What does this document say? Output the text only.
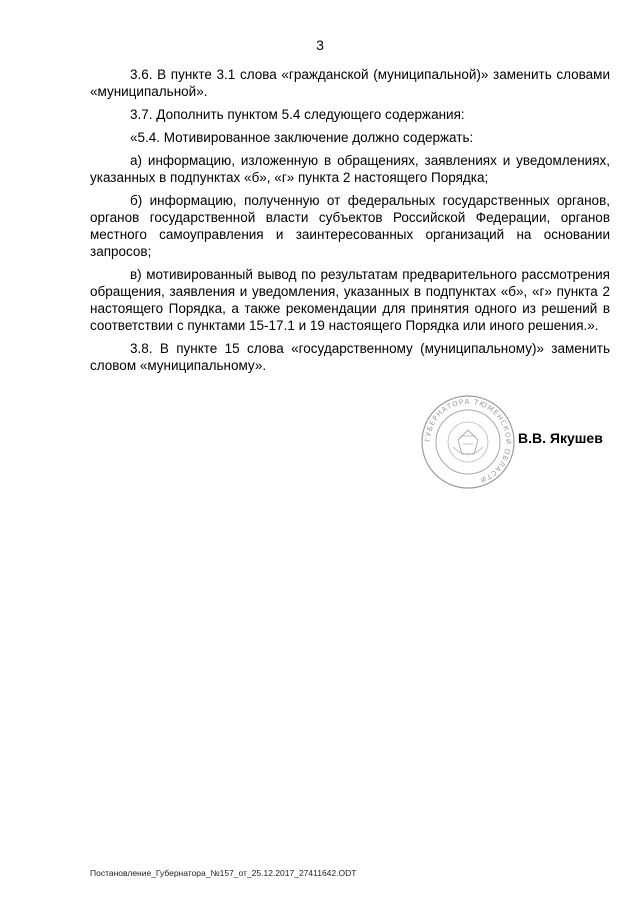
3

3.6. В пункте 3.1 слова «гражданской (муниципальной)» заменить словами «муниципальной».

3.7. Дополнить пунктом 5.4 следующего содержания:

«5.4. Мотивированное заключение должно содержать:

а) информацию, изложенную в обращениях, заявлениях и уведомлениях, указанных в подпунктах «б», «г» пункта 2 настоящего Порядка;

б) информацию, полученную от федеральных государственных органов, органов государственной власти субъектов Российской Федерации, органов местного самоуправления и заинтересованных организаций на основании запросов;

в) мотивированный вывод по результатам предварительного рассмотрения обращения, заявления и уведомления, указанных в подпунктах «б», «г» пункта 2 настоящего Порядка, а также рекомендации для принятия одного из решений в соответствии с пунктами 15-17.1 и 19 настоящего Порядка или иного решения.».

3.8. В пункте 15 слова «государственному (муниципальному)» заменить словом «муниципальному».

ГУБЕРНАТОРА ТЮМЕНСКОЙ ОБЛАСТИ
В.В. Якушев
Постановление_Губернатора_№157_от_25.12.2017_27411642.ODT
